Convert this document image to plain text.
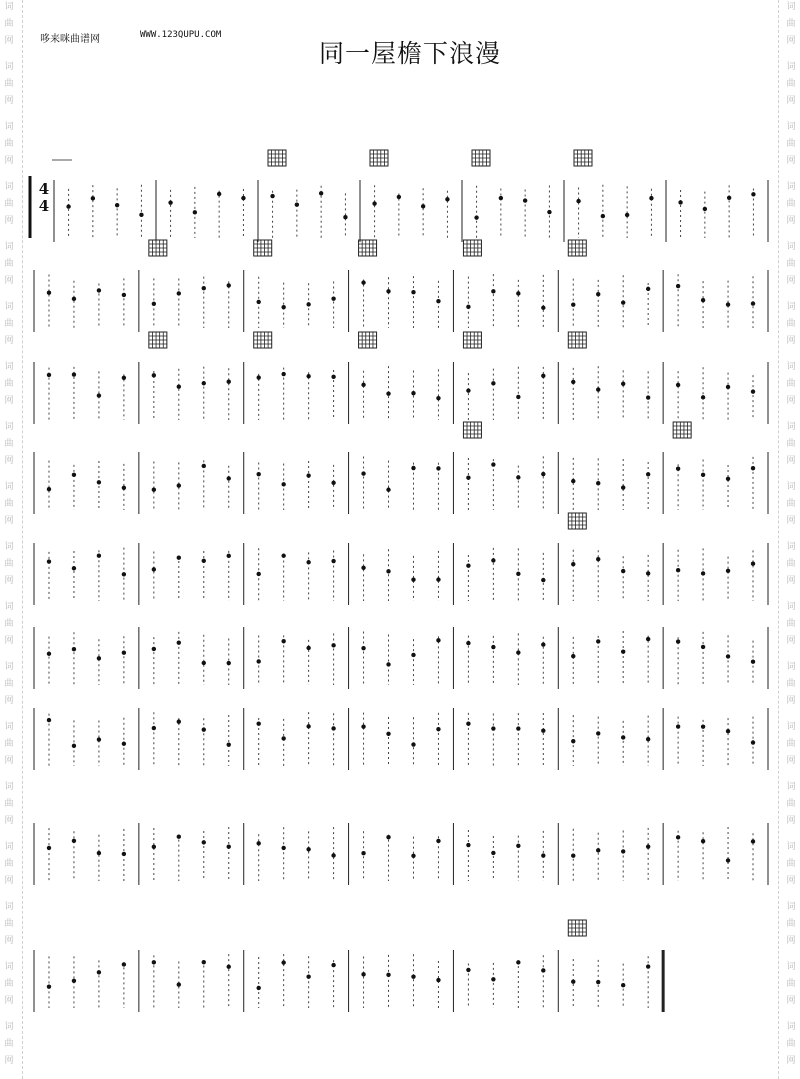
词
曲
网
词
曲
网
词
曲
网
词
曲
网
词
曲
网
词
曲
网
词
曲
网
词
曲
网
词
曲
网
词
曲
网
词
曲
网
词
曲
网
词
曲
网
词
曲
网
词
曲
网
词
曲
网
词
曲
网
词
曲
网
词
曲
网
词
曲
网
词
曲
网
词
曲
网
词
曲
网
词
曲
网
词
曲
网
词
曲
网
词
曲
网
词
曲
网
词
曲
网
词
曲
网
词
曲
网
词
曲
网
词
曲
网
词
曲
网
词
曲
网
词
曲
网
哆来咪曲谱网	WWW.123QUPU.COM
同一屋檐下浪漫
4
4
